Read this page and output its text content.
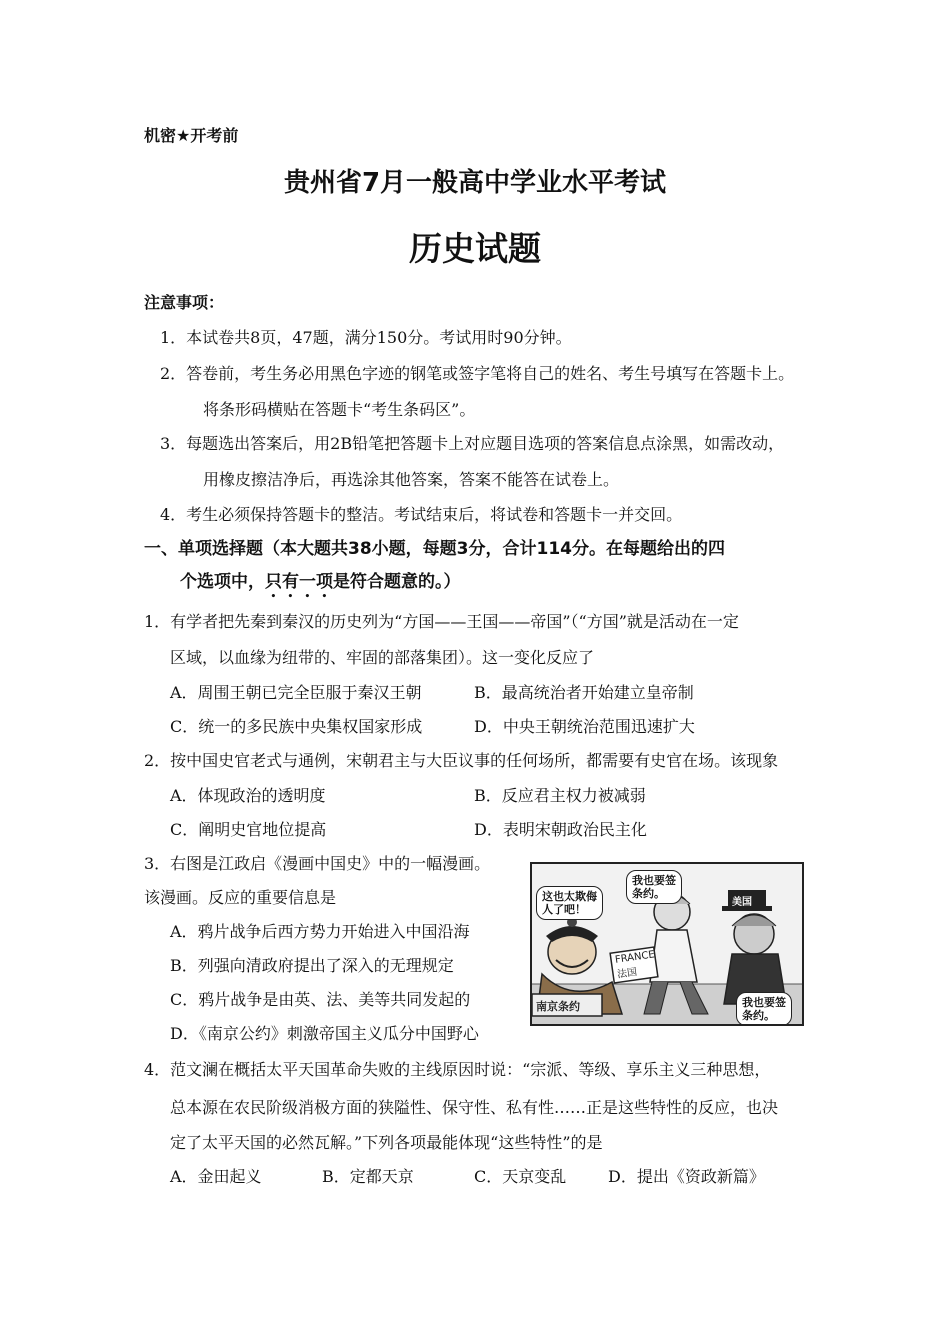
机密★开考前
贵州省7月一般高中学业水平考试
历史试题
注意事项：
1．本试卷共8页，47题，满分150分。考试用时90分钟。
2．答卷前，考生务必用黑色字迹的钢笔或签字笔将自己的姓名、考生号填写在答题卡上。
将条形码横贴在答题卡“考生条码区”。
3．每题选出答案后，用2B铅笔把答题卡上对应题目选项的答案信息点涂黑，如需改动，
用橡皮擦洁净后，再选涂其他答案，答案不能答在试卷上。
4．考生必须保持答题卡的整洁。考试结束后，将试卷和答题卡一并交回。
一、单项选择题（本大题共38小题，每题3分，合计114分。在每题给出的四
个选项中，只有一项是符合题意的。）
1．有学者把先秦到秦汉的历史列为“方国——王国——帝国”（“方国”就是活动在一定
区域，以血缘为纽带的、牢固的部落集团）。这一变化反应了
A．周围王朝已完全臣服于秦汉王朝	B．最高统治者开始建立皇帝制
C．统一的多民族中央集权国家形成	D．中央王朝统治范围迅速扩大
2．按中国史官老式与通例，宋朝君主与大臣议事的任何场所，都需要有史官在场。该现象
A．体现政治的透明度	B．反应君主权力被减弱
C．阐明史官地位提高	D．表明宋朝政治民主化
3．右图是江政启《漫画中国史》中的一幅漫画。
该漫画。反应的重要信息是
A．鸦片战争后西方势力开始进入中国沿海
B．列强向清政府提出了深入的无理规定
C．鸦片战争是由英、法、美等共同发起的
D．《南京公约》刺激帝国主义瓜分中国野心
这也太欺侮
人了吧！
我也要签
条约。
我也要签
条约。
美国
FRANCE
法国
南京条约
4．范文澜在概括太平天国革命失败的主线原因时说：“宗派、等级、享乐主义三种思想，
总本源在农民阶级消极方面的狭隘性、保守性、私有性……正是这些特性的反应，也决
定了太平天国的必然瓦解。”下列各项最能体现“这些特性”的是
A．金田起义	B．定都天京	C．天京变乱	D．提出《资政新篇》
